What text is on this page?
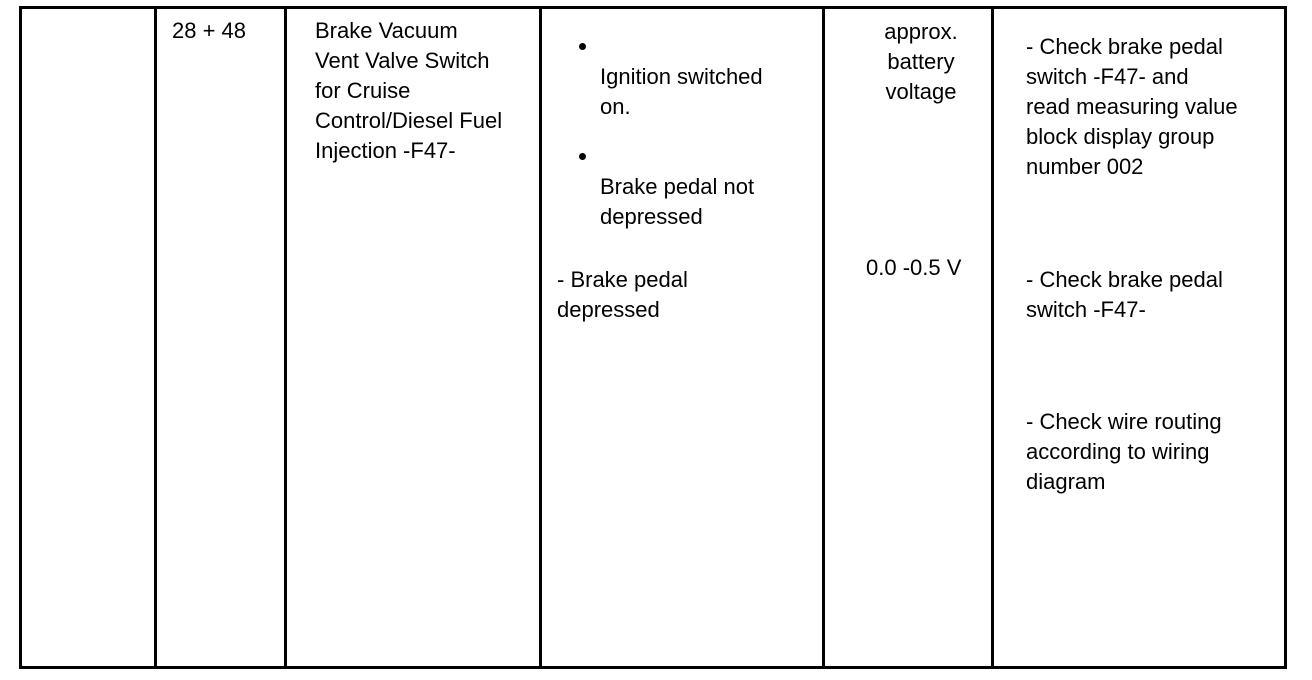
28 + 48	Brake Vacuum
Vent Valve Switch
for Cruise
Control/Diesel Fuel
Injection -F47-

Ignition switched
on.

Brake pedal not
depressed

- Brake pedal
depressed
approx.
battery
voltage
0.0 -0.5 V
- Check brake pedal
switch -F47- and
read measuring value
block display group
number 002
- Check brake pedal
switch -F47-
- Check wire routing
according to wiring
diagram
